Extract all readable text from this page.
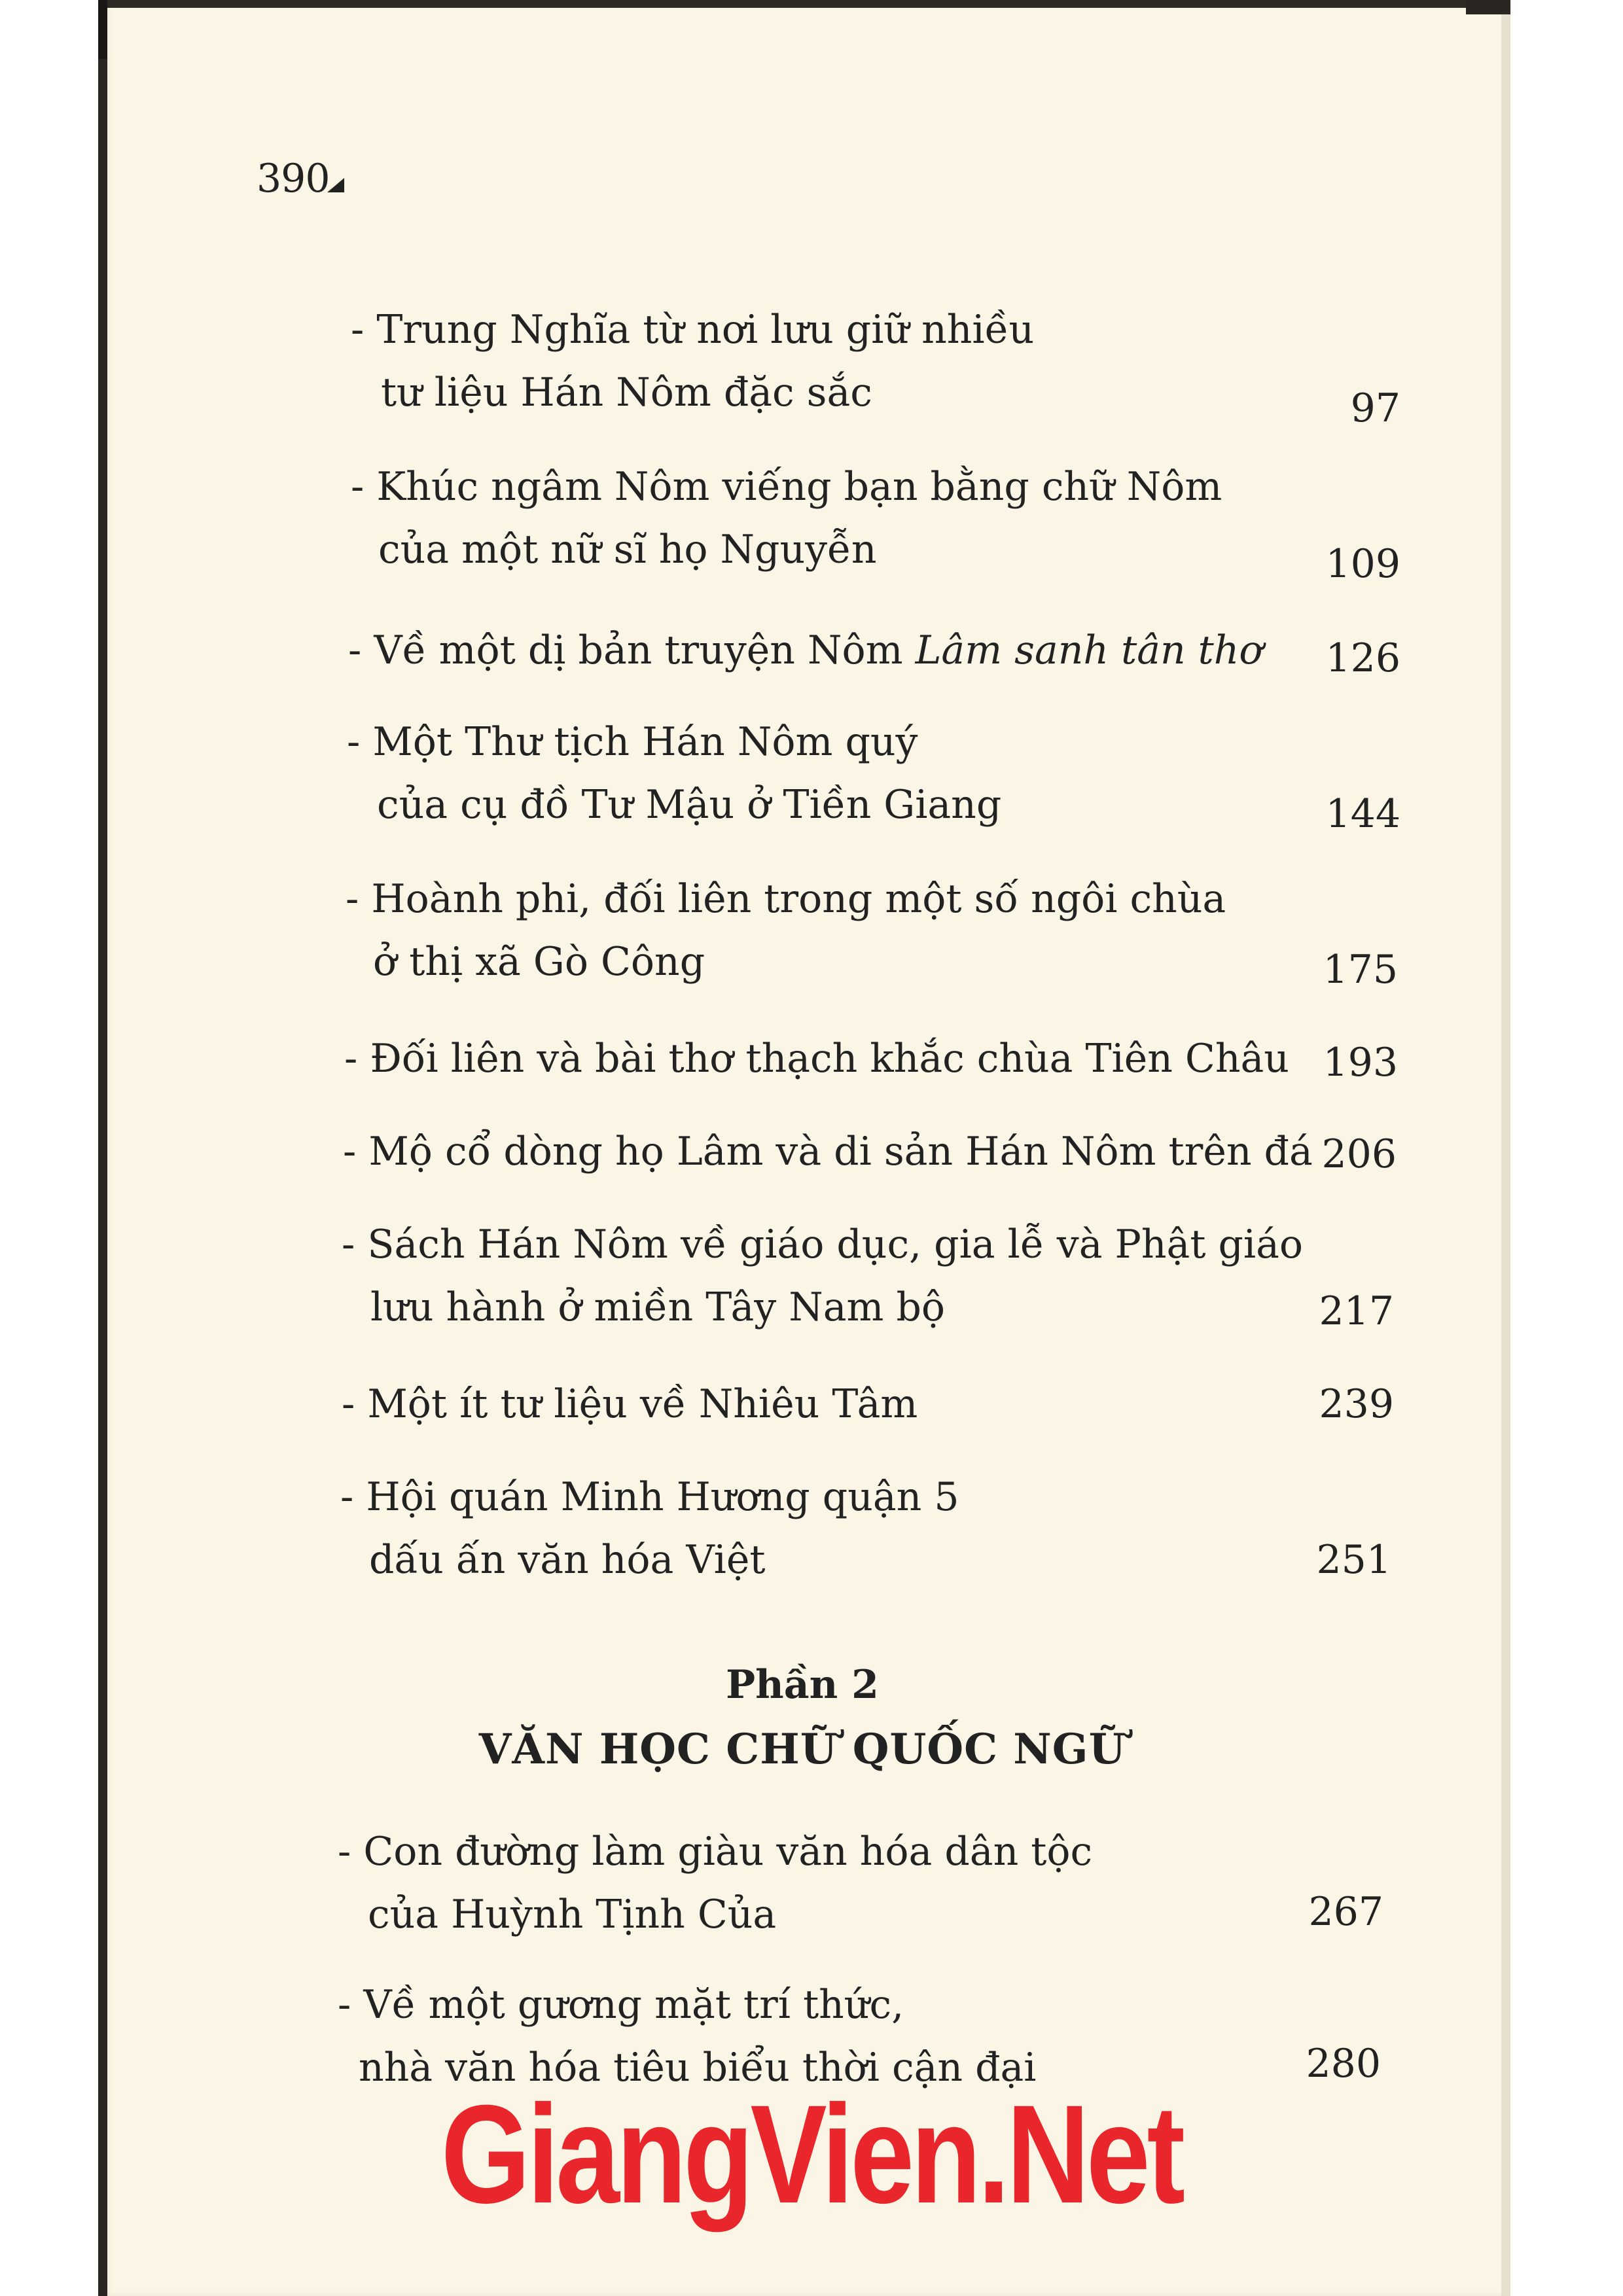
390
- Trung Nghĩa từ nơi lưu giữ nhiều
tư liệu Hán Nôm đặc sắc	97
- Khúc ngâm Nôm viếng bạn bằng chữ Nôm
của một nữ sĩ họ Nguyễn	109
- Về một dị bản truyện Nôm Lâm sanh tân thơ 126
- Một Thư tịch Hán Nôm quý
của cụ đồ Tư Mậu ở Tiền Giang	144
- Hoành phi, đối liên trong một số ngôi chùa
ở thị xã Gò Công	175
- Đối liên và bài thơ thạch khắc chùa Tiên Châu 193
- Mộ cổ dòng họ Lâm và di sản Hán Nôm trên đá 206
- Sách Hán Nôm về giáo dục, gia lễ và Phật giáo
lưu hành ở miền Tây Nam bộ	217
- Một ít tư liệu về Nhiêu Tâm	239
- Hội quán Minh Hương quận 5
dấu ấn văn hóa Việt	251
Phần 2
VĂN HỌC CHỮ QUỐC NGỮ
- Con đường làm giàu văn hóa dân tộc
của Huỳnh Tịnh Của	267
- Về một gương mặt trí thức,
nhà văn hóa tiêu biểu thời cận đại	280
GiangVien.Net
